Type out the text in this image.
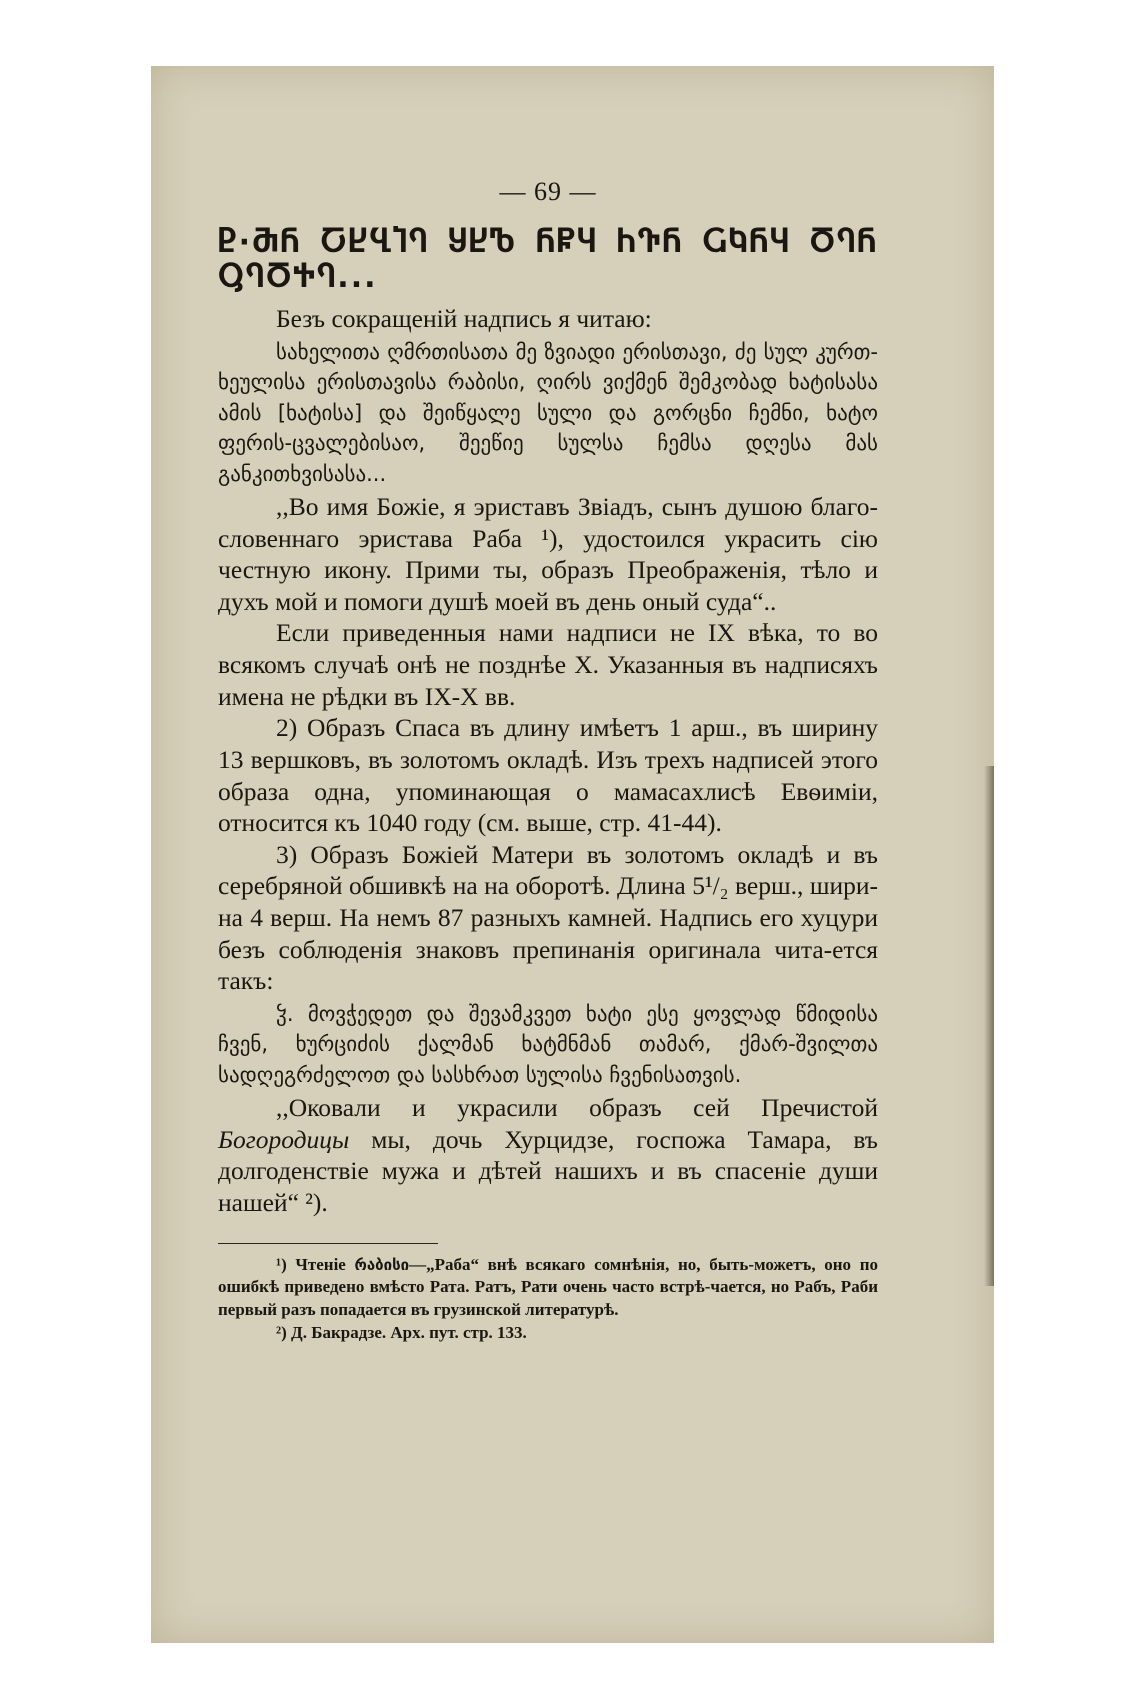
— 69 —
Ⴒ·ႫႬ ႠႾႡႨႤ ႸႾႪ ႬႼႷ ႹႥႬ ႺႩႬႷ ႣႤႬ ႳႤႣႵႤ...

Безъ сокращеній надпись я читаю:

სახელითა ღმრთისათა მე ზვიადი ერისთავი, ძე სულ კურთ-ხეულისა ერისთავისა რაბისი, ღირს ვიქმენ შემკობად ხატისასა ამის [ხატისა] და შეიწყალე სული და გორცნი ჩემნი, ხატო ფერის-ცვალებისაო, შეეწიე სულსა ჩემსა დღესა მას განკითხვისასა...

,,Во имя Божіе, я эриставъ Звіадъ, сынъ душою благо-словеннаго эристава Раба ¹), удостоился украсить сію честную икону. Прими ты, образъ Преображенія, тѣло и духъ мой и помоги душѣ моей въ день оный суда“..

Если приведенныя нами надписи не IX вѣка, то во всякомъ случаѣ онѣ не позднѣе X. Указанныя въ надписяхъ имена не рѣдки въ IX-X вв.

2) Образъ Спаса въ длину имѣетъ 1 арш., въ ширину 13 вершковъ, въ золотомъ окладѣ. Изъ трехъ надписей этого образа одна, упоминающая о мамасахлисѣ Евѳиміи, относится къ 1040 году (см. выше, стр. 41-44).

3) Образъ Божіей Матери въ золотомъ окладѣ и въ серебряной обшивкѣ на на оборотѣ. Длина 5¹/₂ верш., шири-на 4 верш. На немъ 87 разныхъ камней. Надпись его хуцури безъ соблюденія знаковъ препинанія оригинала чита-ется такъ:

ჴ. მოვჭედეთ და შევამკვეთ ხატი ესე ყოვლად წმიდისა ჩვენ, ხურციძის ქალმან ხატმნმან თამარ, ქმარ-შვილთა სადღეგრძელოთ და სასხრათ სულისა ჩვენისათვის.

,,Оковали и украсили образъ сей Пречистой Богородицы мы, дочь Хурцидзе, госпожа Тамара, въ долгоденствіе мужа и дѣтей нашихъ и въ спасеніе души нашей“ ²).

¹) Чтеніе რაბისი—„Раба“ внѣ всякаго сомнѣнія, но, быть-можетъ, оно по ошибкѣ приведено вмѣсто Рата. Ратъ, Рати очень часто встрѣ-чается, но Рабъ, Раби первый разъ попадается въ грузинской литературѣ.

²) Д. Бакрадзе. Арх. пут. стр. 133.
